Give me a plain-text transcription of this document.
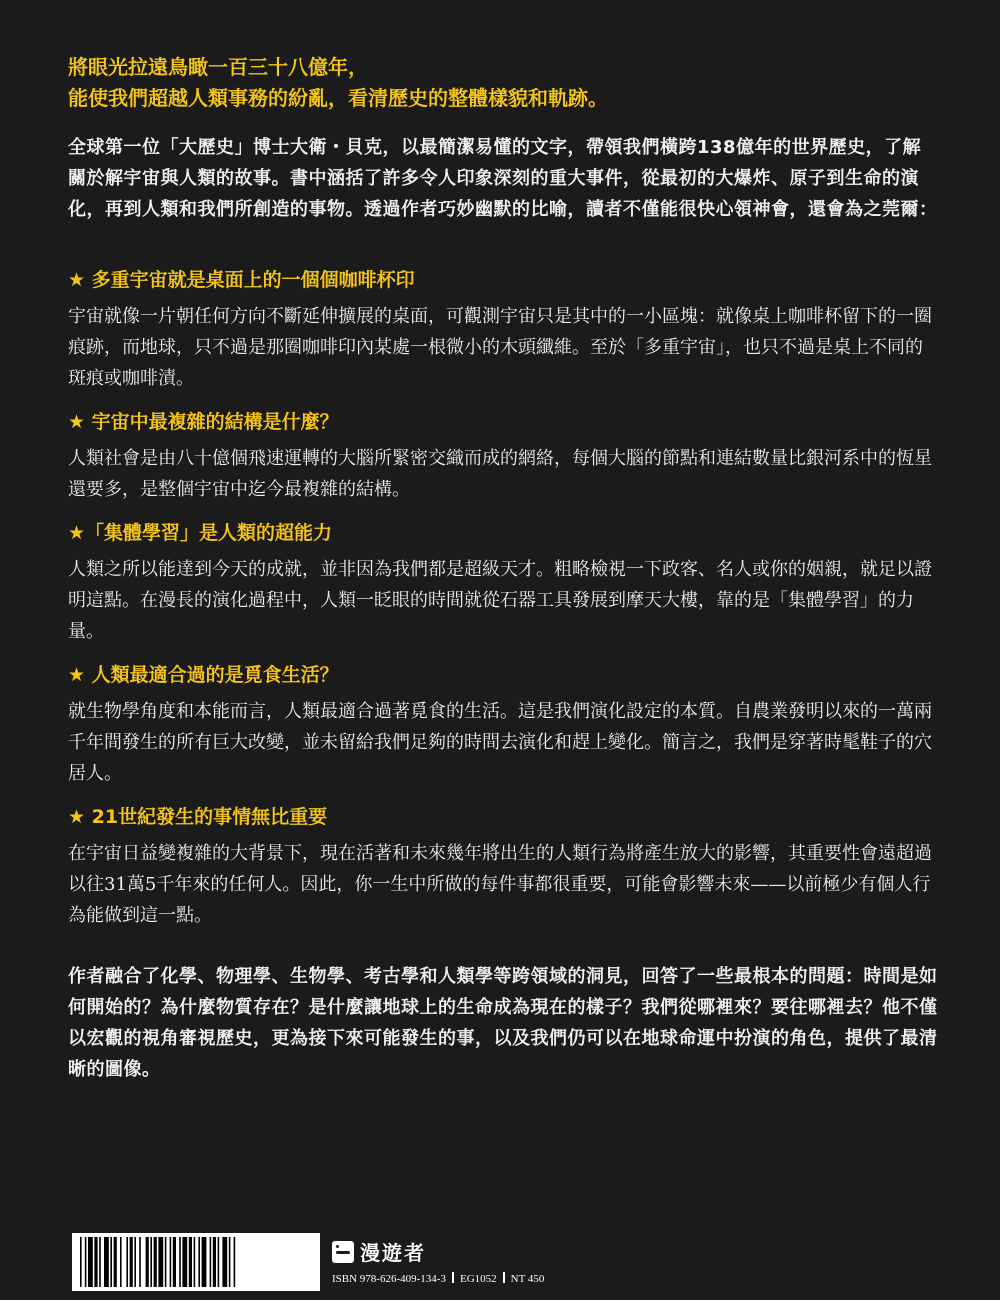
將眼光拉遠鳥瞰一百三十八億年，
能使我們超越人類事務的紛亂，看清歷史的整體樣貌和軌跡。

全球第一位「大歷史」博士大衛・貝克，以最簡潔易懂的文字，帶領我們橫跨138億年的世界歷史，了解關於解宇宙與人類的故事。書中涵括了許多令人印象深刻的重大事件，從最初的大爆炸、原子到生命的演化，再到人類和我們所創造的事物。透過作者巧妙幽默的比喻，讀者不僅能很快心領神會，還會為之莞爾：

★ 多重宇宙就是桌面上的一個個咖啡杯印

宇宙就像一片朝任何方向不斷延伸擴展的桌面，可觀測宇宙只是其中的一小區塊：就像桌上咖啡杯留下的一圈痕跡，而地球，只不過是那圈咖啡印內某處一根微小的木頭纖維。至於「多重宇宙」，也只不過是桌上不同的斑痕或咖啡漬。

★ 宇宙中最複雜的結構是什麼？

人類社會是由八十億個飛速運轉的大腦所緊密交織而成的網絡，每個大腦的節點和連結數量比銀河系中的恆星還要多，是整個宇宙中迄今最複雜的結構。

★「集體學習」是人類的超能力

人類之所以能達到今天的成就，並非因為我們都是超級天才。粗略檢視一下政客、名人或你的姻親，就足以證明這點。在漫長的演化過程中，人類一眨眼的時間就從石器工具發展到摩天大樓，靠的是「集體學習」的力量。

★ 人類最適合過的是覓食生活？

就生物學角度和本能而言，人類最適合過著覓食的生活。這是我們演化設定的本質。自農業發明以來的一萬兩千年間發生的所有巨大改變，並未留給我們足夠的時間去演化和趕上變化。簡言之，我們是穿著時髦鞋子的穴居人。

★ 21世紀發生的事情無比重要

在宇宙日益變複雜的大背景下，現在活著和未來幾年將出生的人類行為將產生放大的影響，其重要性會遠超過以往31萬5千年來的任何人。因此，你一生中所做的每件事都很重要，可能會影響未來——以前極少有個人行為能做到這一點。

作者融合了化學、物理學、生物學、考古學和人類學等跨領域的洞見，回答了一些最根本的問題：時間是如何開始的？為什麼物質存在？是什麼讓地球上的生命成為現在的樣子？我們從哪裡來？要往哪裡去？他不僅以宏觀的視角審視歷史，更為接下來可能發生的事，以及我們仍可以在地球命運中扮演的角色，提供了最清晰的圖像。

漫遊者
ISBN 978-626-409-134-3 EG1052 NT 450
